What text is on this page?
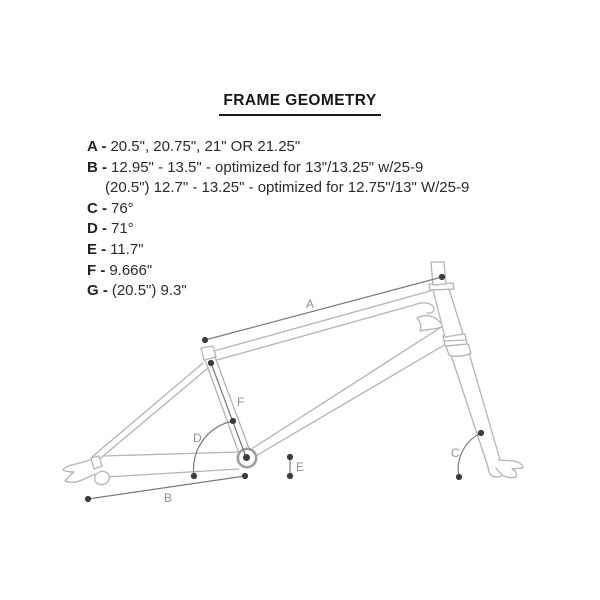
FRAME GEOMETRY
A - 20.5", 20.75", 21" OR 21.25"
B - 12.95" - 13.5" - optimized for 13"/13.25" w/25-9
(20.5") 12.7" - 13.25" - optimized for 12.75"/13" W/25-9
C - 76°
D - 71°
E - 11.7"
F - 9.666"
G - (20.5") 9.3"
A
B
C
D
E
F
